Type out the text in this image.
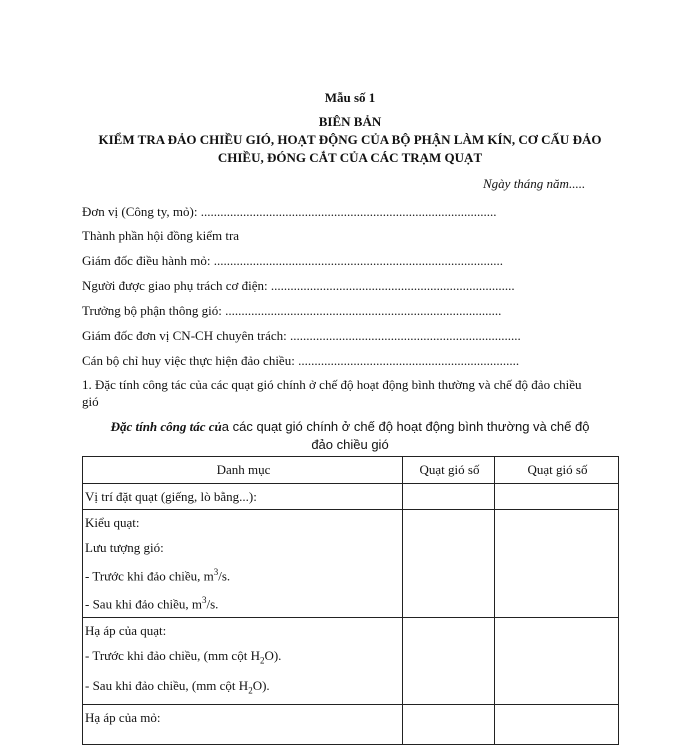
Mẫu số 1
BIÊN BẢN
KIỂM TRA ĐẢO CHIỀU GIÓ, HOẠT ĐỘNG CỦA BỘ PHẬN LÀM KÍN, CƠ CẤU ĐẢO
CHIỀU, ĐÓNG CẮT CỦA CÁC TRẠM QUẠT
Ngày tháng năm.....
Đơn vị (Công ty, mỏ): ...........................................................................................
Thành phần hội đồng kiểm tra
Giám đốc điều hành mỏ: .........................................................................................
Người được giao phụ trách cơ điện: ...........................................................................
Trưởng bộ phận thông gió: .....................................................................................
Giám đốc đơn vị CN-CH chuyên trách: .......................................................................
Cán bộ chỉ huy việc thực hiện đảo chiều: ....................................................................
1. Đặc tính công tác của các quạt gió chính ở chế độ hoạt động bình thường và chế độ đảo chiều
gió
Đặc tính công tác của các quạt gió chính ở chế độ hoạt động bình thường và chế độ
đảo chiều gió
Danh mục	Quạt gió số	Quạt gió số

Vị trí đặt quạt (giếng, lò bằng...):		

Kiểu quạt:
Lưu tượng gió:
- Trước khi đảo chiều, $m^3/s$.
- Sau khi đảo chiều, $m^3/s$.		

Hạ áp của quạt:
- Trước khi đảo chiều, (mm cột $H_2O$).
- Sau khi đảo chiều, (mm cột $H_2O$).		

Hạ áp của mỏ:		
